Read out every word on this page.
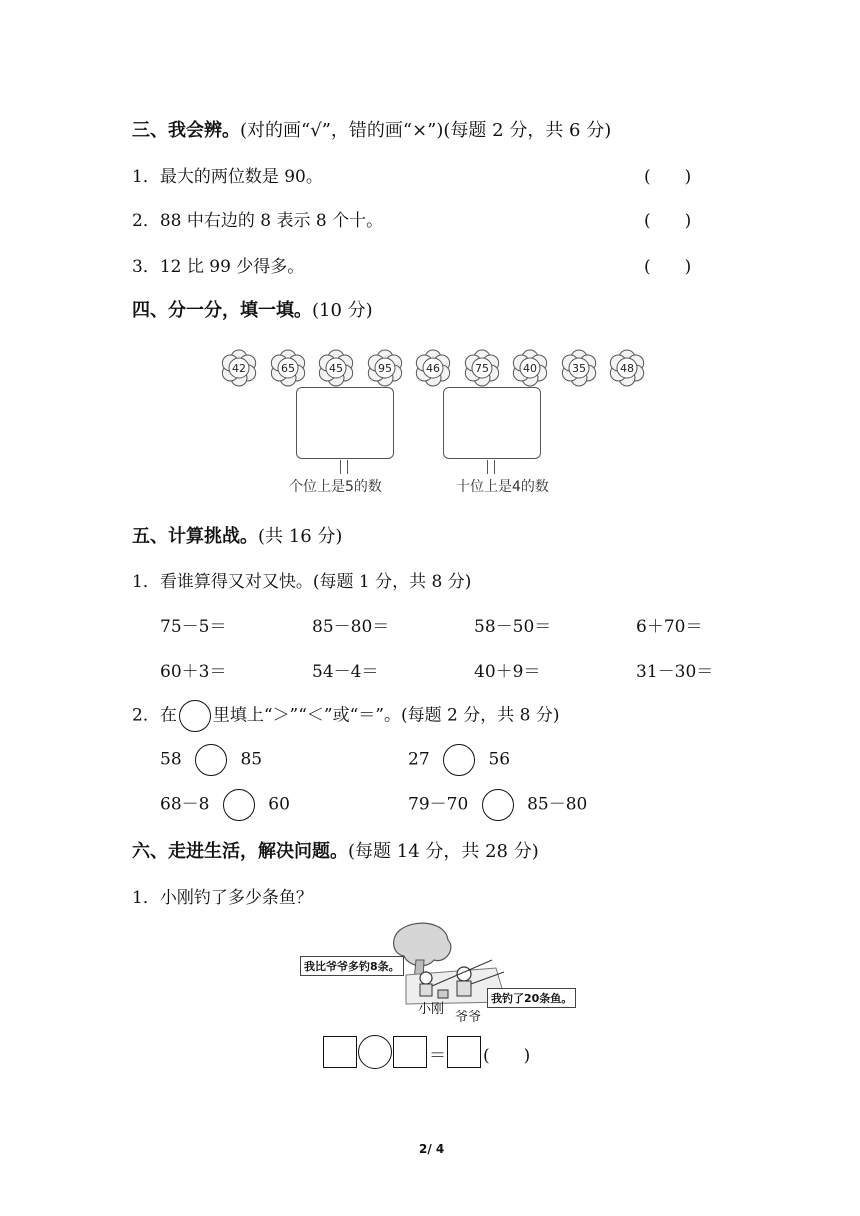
三、我会辨。(对的画“√”，错的画“×”)(每题 2 分，共 6 分)
1．最大的两位数是 90。	(　　)
2．88 中右边的 8 表示 8 个十。	(　　)
3．12 比 99 少得多。	(　　)
四、分一分，填一填。(10 分)
42	65	45	95	46	75	40	35	48
个位上是5的数	十位上是4的数
五、计算挑战。(共 16 分)
1．看谁算得又对又快。(每题 1 分，共 8 分)
75－5＝	85－80＝	58－50＝	6＋70＝
60＋3＝	54－4＝	40＋9＝	31－30＝
2．在 里填上“＞”“＜”或“＝”。(每题 2 分，共 8 分)
58	85	27	56
68－8	60	79－70	85－80
六、走进生活，解决问题。(每题 14 分，共 28 分)
1．小刚钓了多少条鱼？
我比爷爷多钓8条。
我钓了20条鱼。
小刚
爷爷
＝ (　　)
2/ 4
